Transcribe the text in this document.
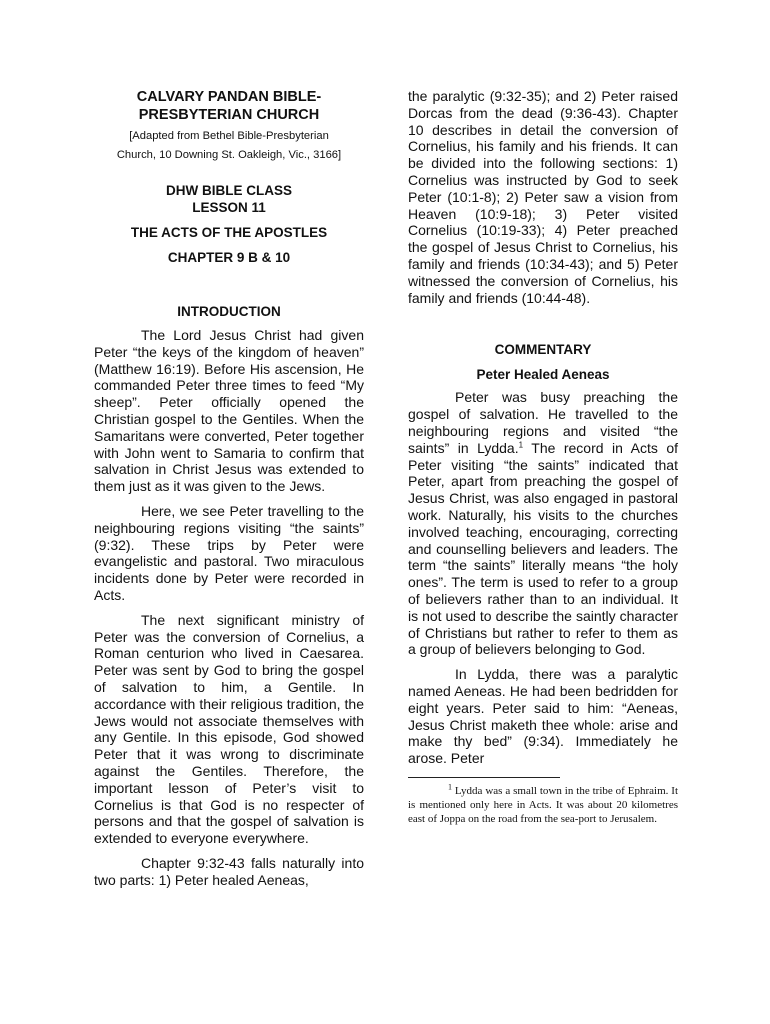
CALVARY PANDAN BIBLE-
PRESBYTERIAN CHURCH
[Adapted from Bethel Bible-Presbyterian
Church, 10 Downing St. Oakleigh, Vic., 3166]
DHW BIBLE CLASS
LESSON 11
THE ACTS OF THE APOSTLES
CHAPTER 9 B & 10
INTRODUCTION

The Lord Jesus Christ had given Peter “the keys of the kingdom of heaven” (Matthew 16:19). Before His ascension, He commanded Peter three times to feed “My sheep”. Peter officially opened the Christian gospel to the Gentiles. When the Samaritans were converted, Peter together with John went to Samaria to confirm that salvation in Christ Jesus was extended to them just as it was given to the Jews.

Here, we see Peter travelling to the neighbouring regions visiting “the saints” (9:32). These trips by Peter were evangelistic and pastoral. Two miraculous incidents done by Peter were recorded in Acts.

The next significant ministry of Peter was the conversion of Cornelius, a Roman centurion who lived in Caesarea. Peter was sent by God to bring the gospel of salvation to him, a Gentile. In accordance with their religious tradition, the Jews would not associate themselves with any Gentile. In this episode, God showed Peter that it was wrong to discriminate against the Gentiles. Therefore, the important lesson of Peter’s visit to Cornelius is that God is no respecter of persons and that the gospel of salvation is extended to everyone everywhere.

Chapter 9:32-43 falls naturally into two parts: 1) Peter healed Aeneas,

the paralytic (9:32-35); and 2) Peter raised Dorcas from the dead (9:36-43). Chapter 10 describes in detail the conversion of Cornelius, his family and his friends. It can be divided into the following sections: 1) Cornelius was instructed by God to seek Peter (10:1-8); 2) Peter saw a vision from Heaven (10:9-18); 3) Peter visited Cornelius (10:19-33); 4) Peter preached the gospel of Jesus Christ to Cornelius, his family and friends (10:34-43); and 5) Peter witnessed the conversion of Cornelius, his family and friends (10:44-48).

COMMENTARY
Peter Healed Aeneas

Peter was busy preaching the gospel of salvation. He travelled to the neighbouring regions and visited “the saints” in Lydda.$^1$ The record in Acts of Peter visiting “the saints” indicated that Peter, apart from preaching the gospel of Jesus Christ, was also engaged in pastoral work. Naturally, his visits to the churches involved teaching, encouraging, correcting and counselling believers and leaders. The term “the saints” literally means “the holy ones”. The term is used to refer to a group of believers rather than to an individual. It is not used to describe the saintly character of Christians but rather to refer to them as a group of believers belonging to God.

In Lydda, there was a paralytic named Aeneas. He had been bedridden for eight years. Peter said to him: “Aeneas, Jesus Christ maketh thee whole: arise and make thy bed” (9:34). Immediately he arose. Peter

$^1$ Lydda was a small town in the tribe of Ephraim. It is mentioned only here in Acts. It was about 20 kilometres east of Joppa on the road from the sea-port to Jerusalem.
